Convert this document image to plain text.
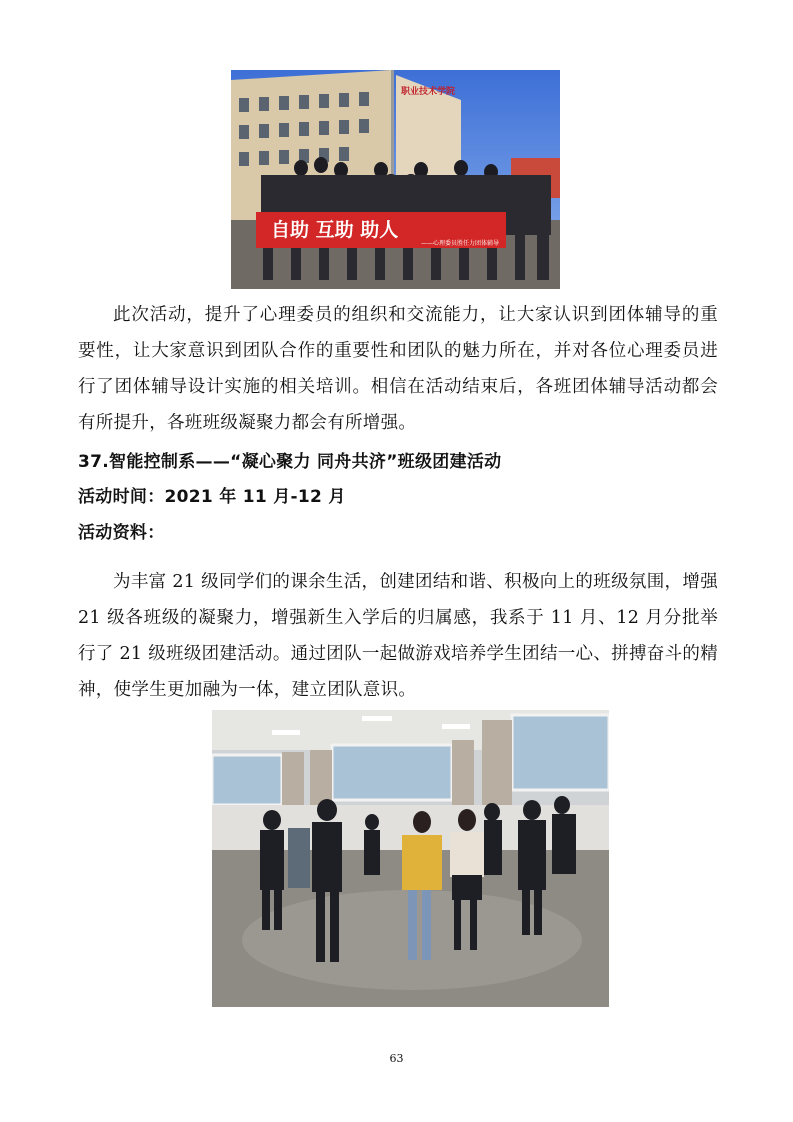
职业技术学院
自助 互助 助人
——心理委员胜任力团体辅导

此次活动，提升了心理委员的组织和交流能力，让大家认识到团体辅导的重要性，让大家意识到团队合作的重要性和团队的魅力所在，并对各位心理委员进行了团体辅导设计实施的相关培训。相信在活动结束后，各班团体辅导活动都会有所提升，各班班级凝聚力都会有所增强。

37.智能控制系——“凝心聚力 同舟共济”班级团建活动
活动时间：2021 年 11 月-12 月
活动资料：

为丰富 21 级同学们的课余生活，创建团结和谐、积极向上的班级氛围，增强 21 级各班级的凝聚力，增强新生入学后的归属感，我系于 11 月、12 月分批举行了 21 级班级团建活动。通过团队一起做游戏培养学生团结一心、拼搏奋斗的精神，使学生更加融为一体，建立团队意识。

63
